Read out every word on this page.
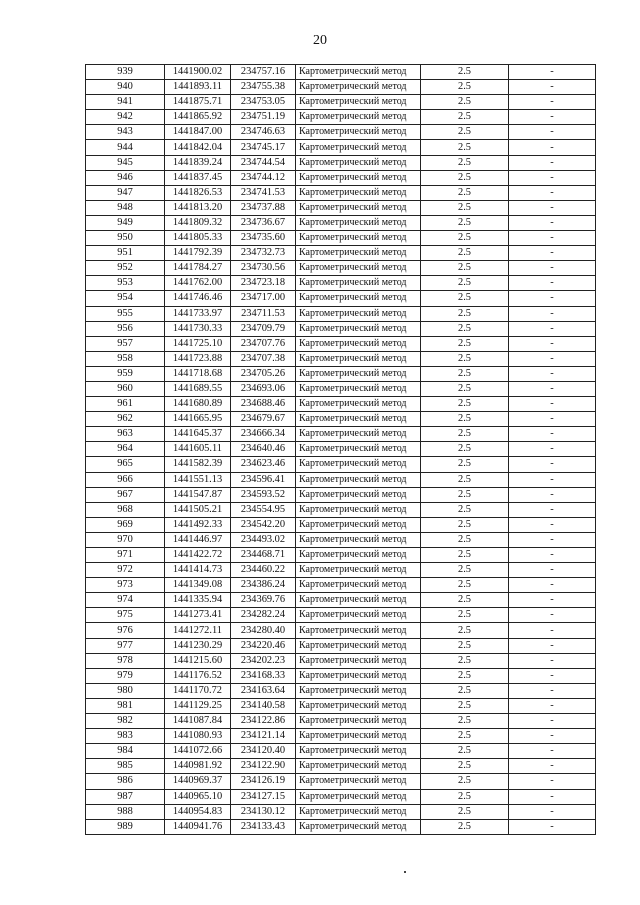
20
939	1441900.02	234757.16	Картометрический метод	2.5	-
940	1441893.11	234755.38	Картометрический метод	2.5	-
941	1441875.71	234753.05	Картометрический метод	2.5	-
942	1441865.92	234751.19	Картометрический метод	2.5	-
943	1441847.00	234746.63	Картометрический метод	2.5	-
944	1441842.04	234745.17	Картометрический метод	2.5	-
945	1441839.24	234744.54	Картометрический метод	2.5	-
946	1441837.45	234744.12	Картометрический метод	2.5	-
947	1441826.53	234741.53	Картометрический метод	2.5	-
948	1441813.20	234737.88	Картометрический метод	2.5	-
949	1441809.32	234736.67	Картометрический метод	2.5	-
950	1441805.33	234735.60	Картометрический метод	2.5	-
951	1441792.39	234732.73	Картометрический метод	2.5	-
952	1441784.27	234730.56	Картометрический метод	2.5	-
953	1441762.00	234723.18	Картометрический метод	2.5	-
954	1441746.46	234717.00	Картометрический метод	2.5	-
955	1441733.97	234711.53	Картометрический метод	2.5	-
956	1441730.33	234709.79	Картометрический метод	2.5	-
957	1441725.10	234707.76	Картометрический метод	2.5	-
958	1441723.88	234707.38	Картометрический метод	2.5	-
959	1441718.68	234705.26	Картометрический метод	2.5	-
960	1441689.55	234693.06	Картометрический метод	2.5	-
961	1441680.89	234688.46	Картометрический метод	2.5	-
962	1441665.95	234679.67	Картометрический метод	2.5	-
963	1441645.37	234666.34	Картометрический метод	2.5	-
964	1441605.11	234640.46	Картометрический метод	2.5	-
965	1441582.39	234623.46	Картометрический метод	2.5	-
966	1441551.13	234596.41	Картометрический метод	2.5	-
967	1441547.87	234593.52	Картометрический метод	2.5	-
968	1441505.21	234554.95	Картометрический метод	2.5	-
969	1441492.33	234542.20	Картометрический метод	2.5	-
970	1441446.97	234493.02	Картометрический метод	2.5	-
971	1441422.72	234468.71	Картометрический метод	2.5	-
972	1441414.73	234460.22	Картометрический метод	2.5	-
973	1441349.08	234386.24	Картометрический метод	2.5	-
974	1441335.94	234369.76	Картометрический метод	2.5	-
975	1441273.41	234282.24	Картометрический метод	2.5	-
976	1441272.11	234280.40	Картометрический метод	2.5	-
977	1441230.29	234220.46	Картометрический метод	2.5	-
978	1441215.60	234202.23	Картометрический метод	2.5	-
979	1441176.52	234168.33	Картометрический метод	2.5	-
980	1441170.72	234163.64	Картометрический метод	2.5	-
981	1441129.25	234140.58	Картометрический метод	2.5	-
982	1441087.84	234122.86	Картометрический метод	2.5	-
983	1441080.93	234121.14	Картометрический метод	2.5	-
984	1441072.66	234120.40	Картометрический метод	2.5	-
985	1440981.92	234122.90	Картометрический метод	2.5	-
986	1440969.37	234126.19	Картометрический метод	2.5	-
987	1440965.10	234127.15	Картометрический метод	2.5	-
988	1440954.83	234130.12	Картометрический метод	2.5	-
989	1440941.76	234133.43	Картометрический метод	2.5	-
